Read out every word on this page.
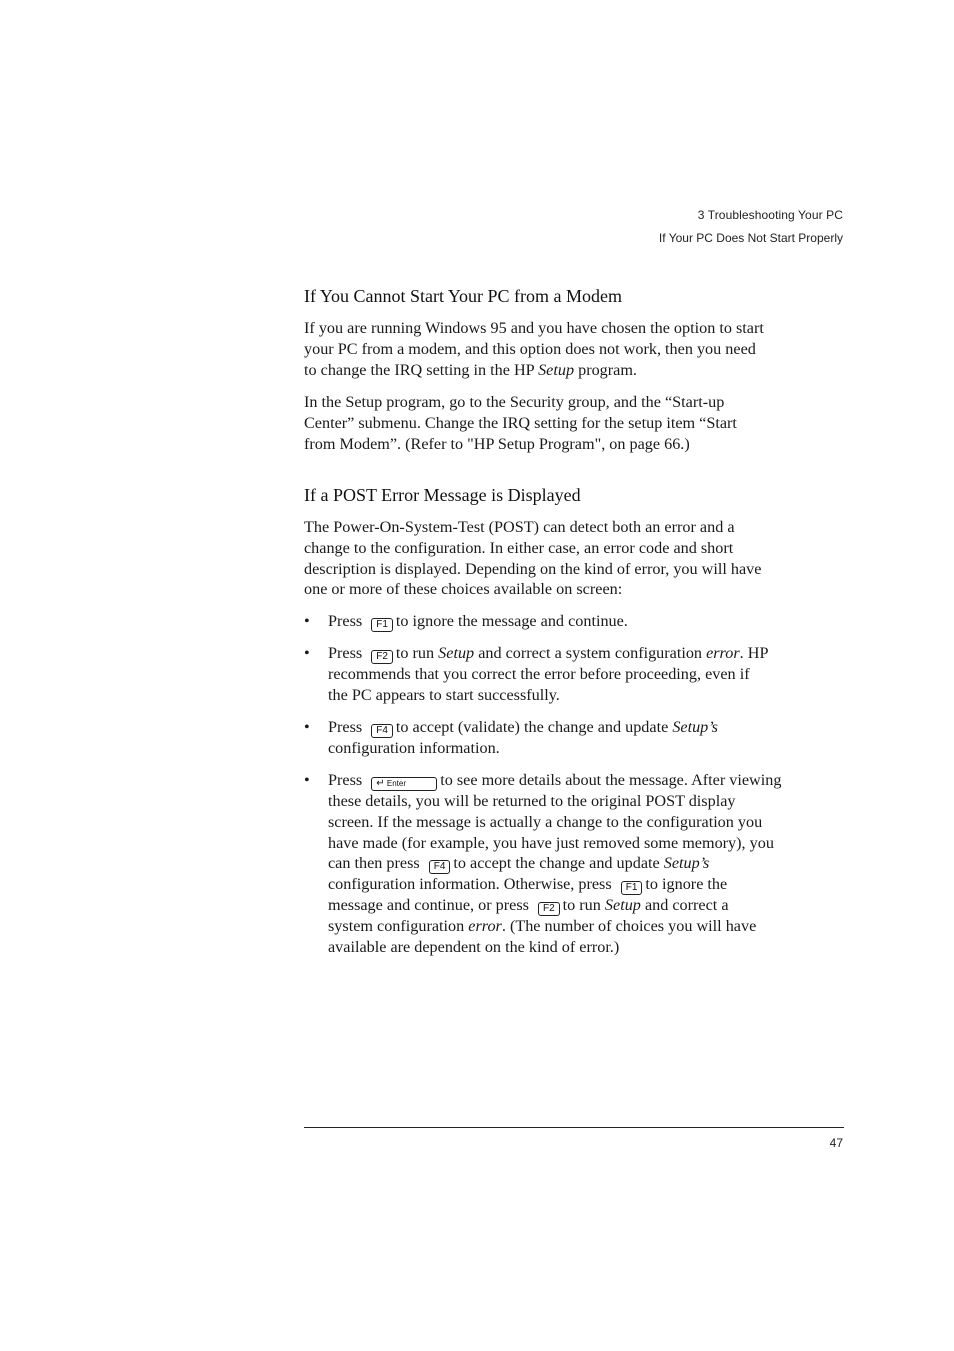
3 Troubleshooting Your PC
If Your PC Does Not Start Properly
If You Cannot Start Your PC from a Modem

If you are running Windows 95 and you have chosen the option to start
your PC from a modem, and this option does not work, then you need
to change the IRQ setting in the HP Setup program.

In the Setup program, go to the Security group, and the “Start-up
Center” submenu. Change the IRQ setting for the setup item “Start
from Modem”. (Refer to "HP Setup Program", on page 66.)

If a POST Error Message is Displayed

The Power-On-System-Test (POST) can detect both an error and a
change to the configuration. In either case, an error code and short
description is displayed. Depending on the kind of error, you will have
one or more of these choices available on screen:

• Press F1 to ignore the message and continue.
• Press F2 to run Setup and correct a system configuration error. HP
recommends that you correct the error before proceeding, even if
the PC appears to start successfully.
• Press F4 to accept (validate) the change and update Setup’s
configuration information.
• Press ↵ Enter to see more details about the message. After viewing
these details, you will be returned to the original POST display
screen. If the message is actually a change to the configuration you
have made (for example, you have just removed some memory), you
can then press F4 to accept the change and update Setup’s
configuration information. Otherwise, press F1 to ignore the
message and continue, or press F2 to run Setup and correct a
system configuration error. (The number of choices you will have
available are dependent on the kind of error.)
47
